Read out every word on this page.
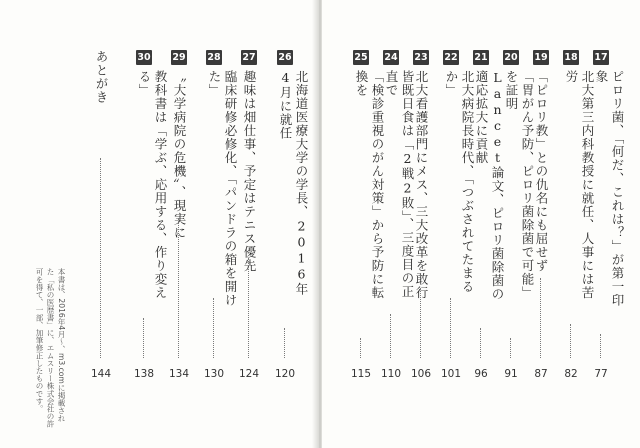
26
北海道医療大学の学長、2016年4月に就任
120
27
趣味は畑仕事、予定はテニス優先
124
28
臨床研修必修化、「パンドラの箱を開けた」
130
29
〝大学病院の危機〟、現実に
134
30
教科書は「学ぶ、応用する、作り変える」
138
あとがき
144
本書は、2016年4月〜、m3.comに掲載された「私の医歴書」に、エムスリー株式会社の許可を得て、一部、加筆修正したものです。
17
ピロリ菌、「何だ、これは？」が第一印象
77
18
北大第三内科教授に就任、人事には苦労
82
19
「ピロリ教」との仇名にも屈せず
87
20
「胃がん予防、ピロリ菌除菌で可能」を証明
91
21
Lancet論文、ピロリ菌除菌の適応拡大に貢献
96
22
北大病院長時代、「つぶされてたまるか」
101
23
北大看護部門にメス、三大改革を敢行
106
24
皆既日食は「2戦2敗」、三度目の正直で
110
25
「検診重視のがん対策」から予防に転換を
115
